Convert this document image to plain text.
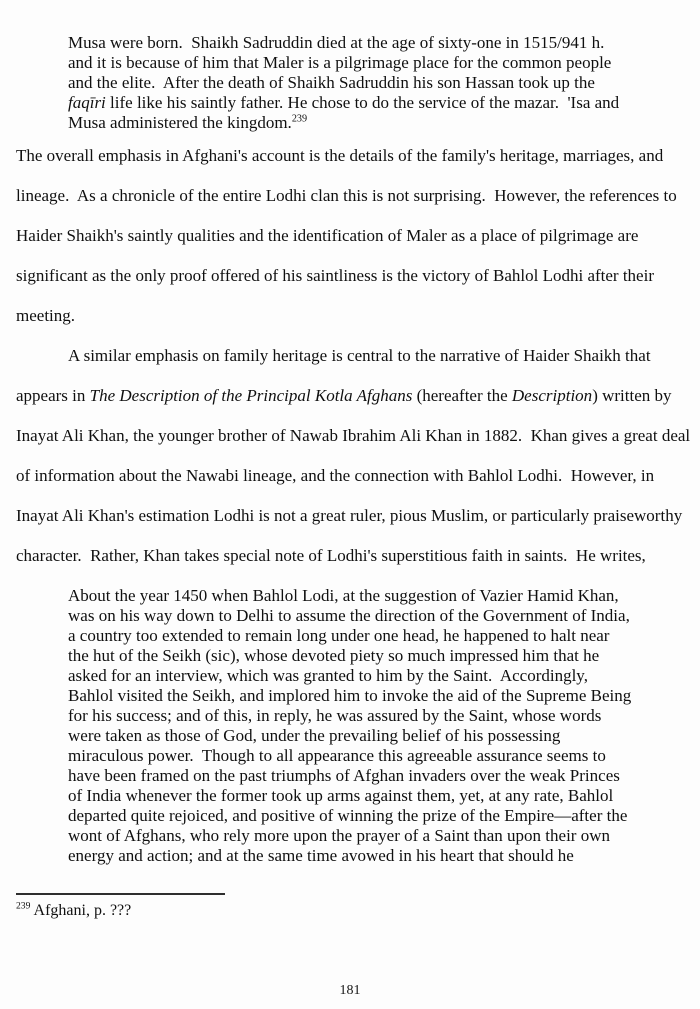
Musa were born.  Shaikh Sadruddin died at the age of sixty-one in 1515/941 h. and it is because of him that Maler is a pilgrimage place for the common people and the elite.  After the death of Shaikh Sadruddin his son Hassan took up the faqīri life like his saintly father. He chose to do the service of the mazar.  'Isa and Musa administered the kingdom.$^{239}$

The overall emphasis in Afghani's account is the details of the family's heritage, marriages, and lineage.  As a chronicle of the entire Lodhi clan this is not surprising.  However, the references to Haider Shaikh's saintly qualities and the identification of Maler as a place of pilgrimage are significant as the only proof offered of his saintliness is the victory of Bahlol Lodhi after their meeting.

A similar emphasis on family heritage is central to the narrative of Haider Shaikh that appears in The Description of the Principal Kotla Afghans (hereafter the Description) written by Inayat Ali Khan, the younger brother of Nawab Ibrahim Ali Khan in 1882.  Khan gives a great deal of information about the Nawabi lineage, and the connection with Bahlol Lodhi.  However, in Inayat Ali Khan's estimation Lodhi is not a great ruler, pious Muslim, or particularly praiseworthy character.  Rather, Khan takes special note of Lodhi's superstitious faith in saints.  He writes,

About the year 1450 when Bahlol Lodi, at the suggestion of Vazier Hamid Khan, was on his way down to Delhi to assume the direction of the Government of India, a country too extended to remain long under one head, he happened to halt near the hut of the Seikh (sic), whose devoted piety so much impressed him that he asked for an interview, which was granted to him by the Saint.  Accordingly, Bahlol visited the Seikh, and implored him to invoke the aid of the Supreme Being for his success; and of this, in reply, he was assured by the Saint, whose words were taken as those of God, under the prevailing belief of his possessing miraculous power.  Though to all appearance this agreeable assurance seems to have been framed on the past triumphs of Afghan invaders over the weak Princes of India whenever the former took up arms against them, yet, at any rate, Bahlol departed quite rejoiced, and positive of winning the prize of the Empire—after the wont of Afghans, who rely more upon the prayer of a Saint than upon their own energy and action; and at the same time avowed in his heart that should he

$^{239}$ Afghani, p. ???

181
